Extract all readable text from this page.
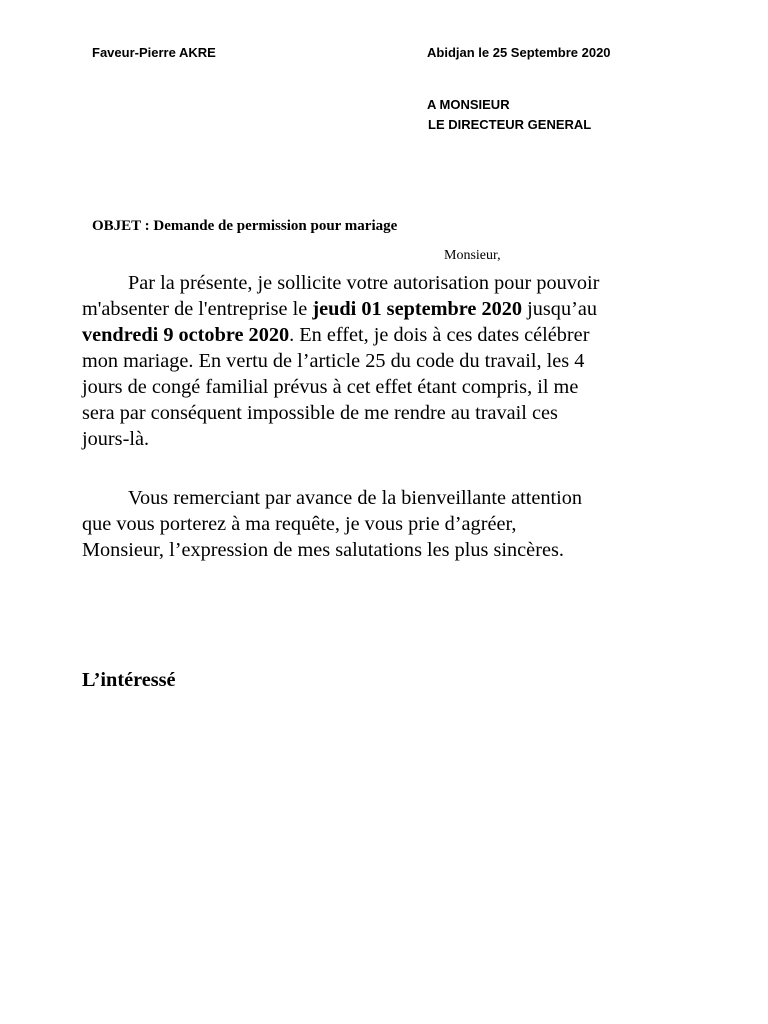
Faveur-Pierre AKRE	Abidjan le 25 Septembre 2020
A MONSIEUR
LE DIRECTEUR GENERAL
OBJET : Demande de permission pour mariage
Monsieur,
Par la présente, je sollicite votre autorisation pour pouvoir
m'absenter de l'entreprise le jeudi 01 septembre 2020 jusqu’au
vendredi 9 octobre 2020. En effet, je dois à ces dates célébrer
mon mariage. En vertu de l’article 25 du code du travail, les 4
jours de congé familial prévus à cet effet étant compris, il me
sera par conséquent impossible de me rendre au travail ces
jours-là.
Vous remerciant par avance de la bienveillante attention
que vous porterez à ma requête, je vous prie d’agréer,
Monsieur, l’expression de mes salutations les plus sincères.
L’intéressé
